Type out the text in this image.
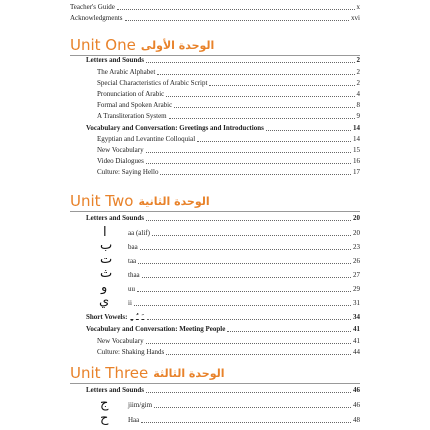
Teacher's Guide	x
Acknowledgments	xvi
Unit One الوحدة الأولى
Letters and Sounds	2
The Arabic Alphabet	2
Special Characteristics of Arabic Script	2
Pronunciation of Arabic	4
Formal and Spoken Arabic	8
A Transliteration System	9
Vocabulary and Conversation: Greetings and Introductions	14
Egyptian and Levantine Colloquial	14
New Vocabulary	15
Video Dialogues	16
Culture: Saying Hello	17
Unit Two الوحدة الثانية
Letters and Sounds	20
ا	aa (alif)	20
ب baa	23
ت taa	26
ث thaa	27
و	uu	29
ي	ii	31
Short Vowels: ـَ ـُ ـِ	34
Vocabulary and Conversation: Meeting People	41
New Vocabulary	41
Culture: Shaking Hands	44
Unit Three الوحدة الثالثة
Letters and Sounds	46
ج	jiim/gim	46
ح	Haa	48
